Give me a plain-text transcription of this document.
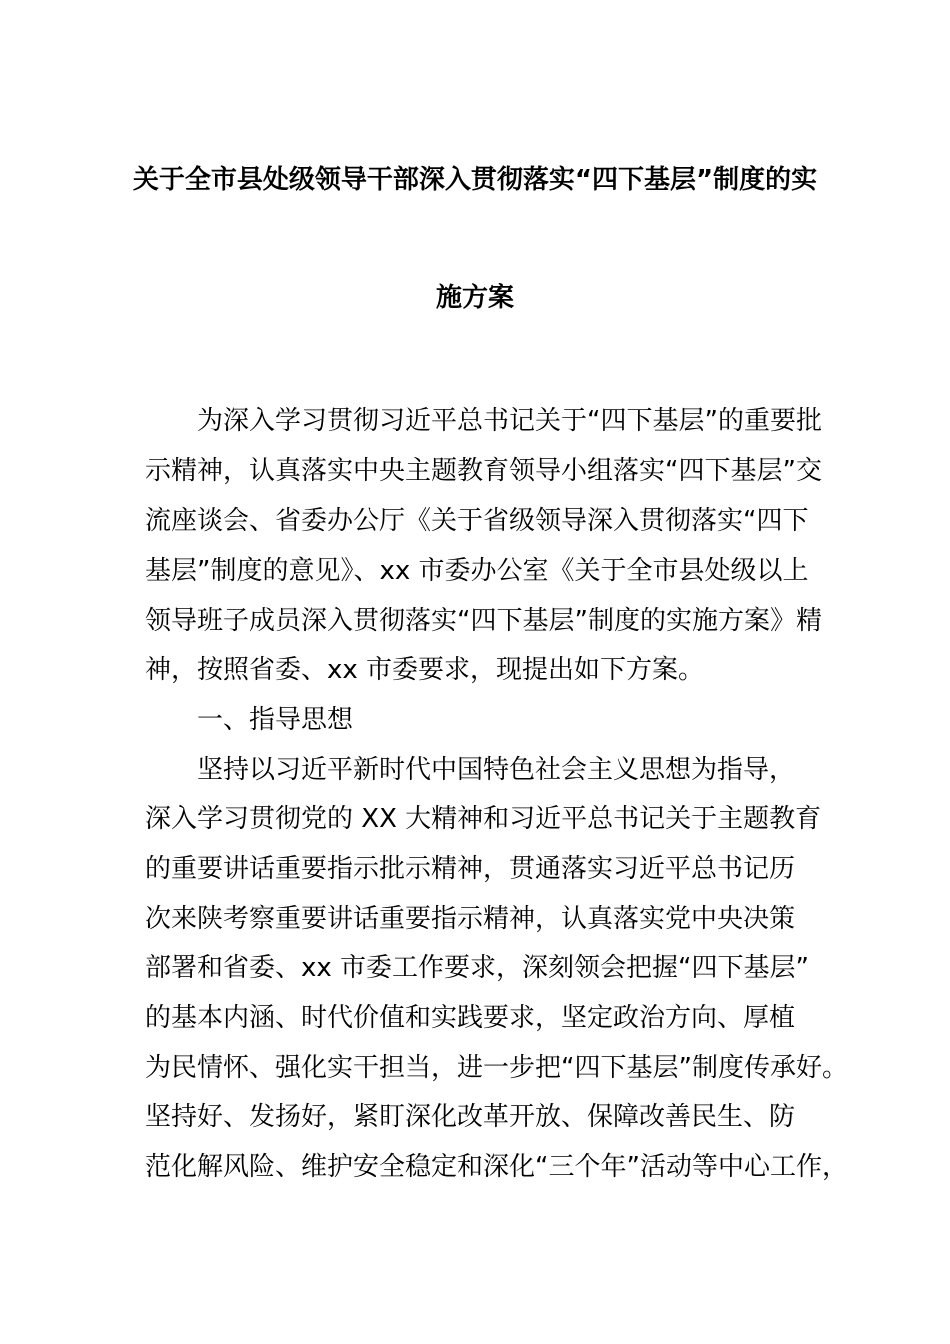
关于全市县处级领导干部深入贯彻落实“四下基层”制度的实
施方案
为深入学习贯彻习近平总书记关于“四下基层”的重要批
示精神，认真落实中央主题教育领导小组落实“四下基层”交
流座谈会、省委办公厅《关于省级领导深入贯彻落实“四下
基层”制度的意见》、xx 市委办公室《关于全市县处级以上
领导班子成员深入贯彻落实“四下基层”制度的实施方案》精
神，按照省委、xx 市委要求，现提出如下方案。
一、指导思想
坚持以习近平新时代中国特色社会主义思想为指导，
深入学习贯彻党的 XX 大精神和习近平总书记关于主题教育
的重要讲话重要指示批示精神，贯通落实习近平总书记历
次来陕考察重要讲话重要指示精神，认真落实党中央决策
部署和省委、xx 市委工作要求，深刻领会把握“四下基层”
的基本内涵、时代价值和实践要求，坚定政治方向、厚植
为民情怀、强化实干担当，进一步把“四下基层”制度传承好。
坚持好、发扬好，紧盯深化改革开放、保障改善民生、防
范化解风险、维护安全稳定和深化“三个年”活动等中心工作，
